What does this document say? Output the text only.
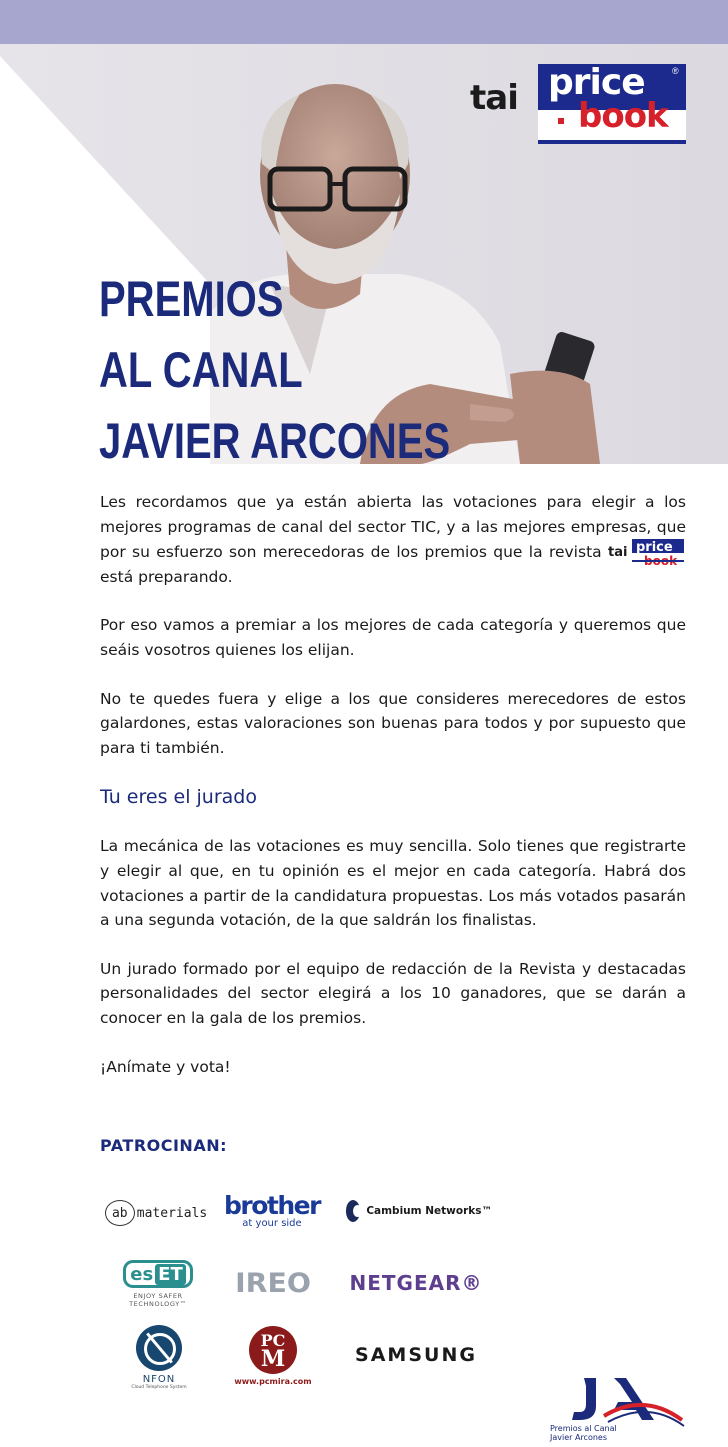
tai price
book
®
PREMIOS
AL CANAL
JAVIER ARCONES

Les recordamos que ya están abierta las votaciones para elegir a los mejores programas de canal del sector TIC, y a las mejores empresas, que por su esfuerzo son merecedoras de los premios que la revista tai price
está preparando.

Por eso vamos a premiar a los mejores de cada categoría y queremos que seáis vosotros quienes los elijan.

No te quedes fuera y elige a los que consideres merecedores de estos galardones, estas valoraciones son buenas para todos y por supuesto que para ti también.

Tu eres el jurado

La mecánica de las votaciones es muy sencilla. Solo tienes que registrarte y elegir al que, en tu opinión es el mejor en cada categoría. Habrá dos votaciones a partir de la candidatura propuestas. Los más votados pasarán a una segunda votación, de la que saldrán los finalistas.

Un jurado formado por el equipo de redacción de la Revista y destacadas personalidades del sector elegirá a los 10 ganadores, que se darán a conocer en la gala de los premios.

¡Anímate y vota!

PATROCINAN:
ab materials brother
at your side
Cambium Networks™
es ET
ENJOY SAFER
TECHNOLOGY™
IREO	NETGEAR®
NFON
Cloud Telephone System
PC
M
www.pcmira.com
SAMSUNG
Premios al Canal
Javier Arcones
